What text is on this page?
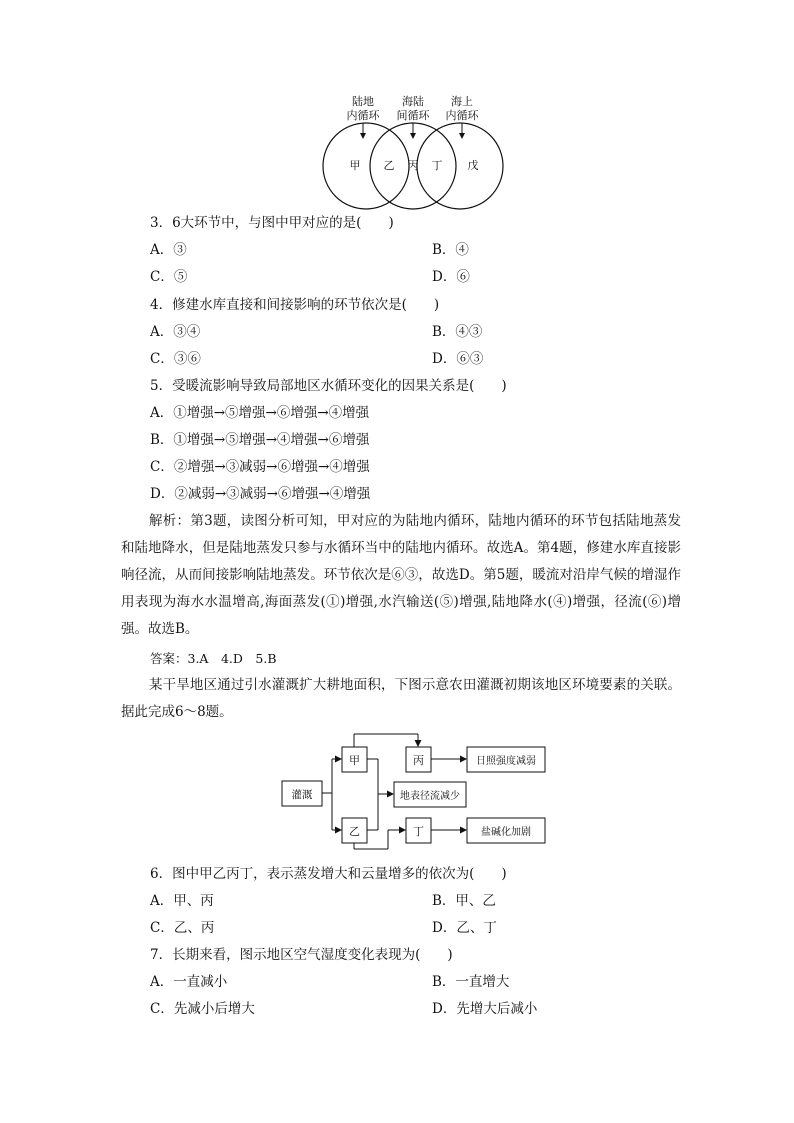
陆地
内循环
海陆
间循环
海上
内循环
甲	乙	丙	丁	戊
3．6大环节中，与图中甲对应的是(　　)
A．③	B．④
C．⑤	D．⑥
4．修建水库直接和间接影响的环节依次是(　　)
A．③④	B．④③
C．③⑥	D．⑥③
5．受暖流影响导致局部地区水循环变化的因果关系是(　　)
A．①增强→⑤增强→⑥增强→④增强
B．①增强→⑤增强→④增强→⑥增强
C．②增强→③减弱→⑥增强→④增强
D．②减弱→③减弱→⑥增强→④增强

解析：第3题，读图分析可知，甲对应的为陆地内循环，陆地内循环的环节包括陆地蒸发和陆地降水，但是陆地蒸发只参与水循环当中的陆地内循环。故选A。第4题，修建水库直接影响径流，从而间接影响陆地蒸发。环节依次是⑥③，故选D。第5题，暖流对沿岸气候的增湿作用表现为海水水温增高,海面蒸发(①)增强,水汽输送(⑤)增强,陆地降水(④)增强，径流(⑥)增强。故选B。

答案：3.A　4.D　5.B

某干旱地区通过引水灌溉扩大耕地面积，下图示意农田灌溉初期该地区环境要素的关联。据此完成6～8题。

灌溉
甲
乙
丙
丁
日照强度减弱
地表径流减少
盐碱化加剧
6．图中甲乙丙丁，表示蒸发增大和云量增多的依次为(　　)
A．甲、丙	B．甲、乙
C．乙、丙	D．乙、丁
7．长期来看，图示地区空气湿度变化表现为(　　)
A．一直减小	B．一直增大
C．先减小后增大	D．先增大后减小
